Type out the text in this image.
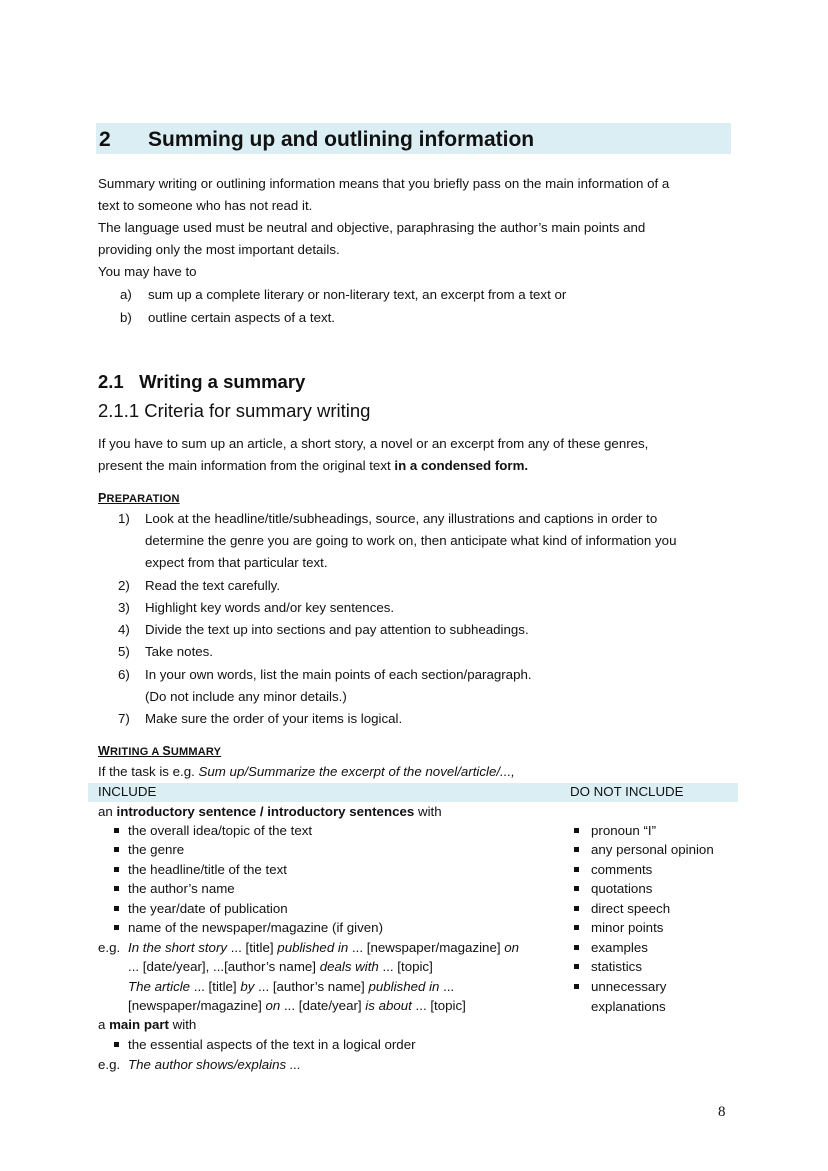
2 Summing up and outlining information
Summary writing or outlining information means that you briefly pass on the main information of a
text to someone who has not read it.
The language used must be neutral and objective, paraphrasing the author’s main points and
providing only the most important details.
You may have to
a) sum up a complete literary or non-literary text, an excerpt from a text or
b) outline certain aspects of a text.
2.1   Writing a summary
2.1.1 Criteria for summary writing
If you have to sum up an article, a short story, a novel or an excerpt from any of these genres,
present the main information from the original text in a condensed form.
PREPARATION
WRITING A SUMMARY
If the task is e.g. Sum up/Summarize the excerpt of the novel/article/...,
INCLUDE	DO NOT INCLUDE
an introductory sentence / introductory sentences with
explanations
e.g. In the short story ... [title] published in ... [newspaper/magazine] on
... [date/year], ...[author’s name] deals with ... [topic]
The article ... [title] by ... [author’s name] published in ...
[newspaper/magazine] on ... [date/year] is about ... [topic]
a main part with
the essential aspects of the text in a logical order
e.g. The author shows/explains ...
8
1) Look at the headline/title/subheadings, source, any illustrations and captions in order to
determine the genre you are going to work on, then anticipate what kind of information you
expect from that particular text.
2) Read the text carefully.
3) Highlight key words and/or key sentences.
4) Divide the text up into sections and pay attention to subheadings.
5) Take notes.
6) In your own words, list the main points of each section/paragraph.
(Do not include any minor details.)
7) Make sure the order of your items is logical.
the overall idea/topic of the text
the genre
the headline/title of the text
the author’s name
the year/date of publication
name of the newspaper/magazine (if given)
pronoun “I”
any personal opinion
comments
quotations
direct speech
minor points
examples
statistics
unnecessary
